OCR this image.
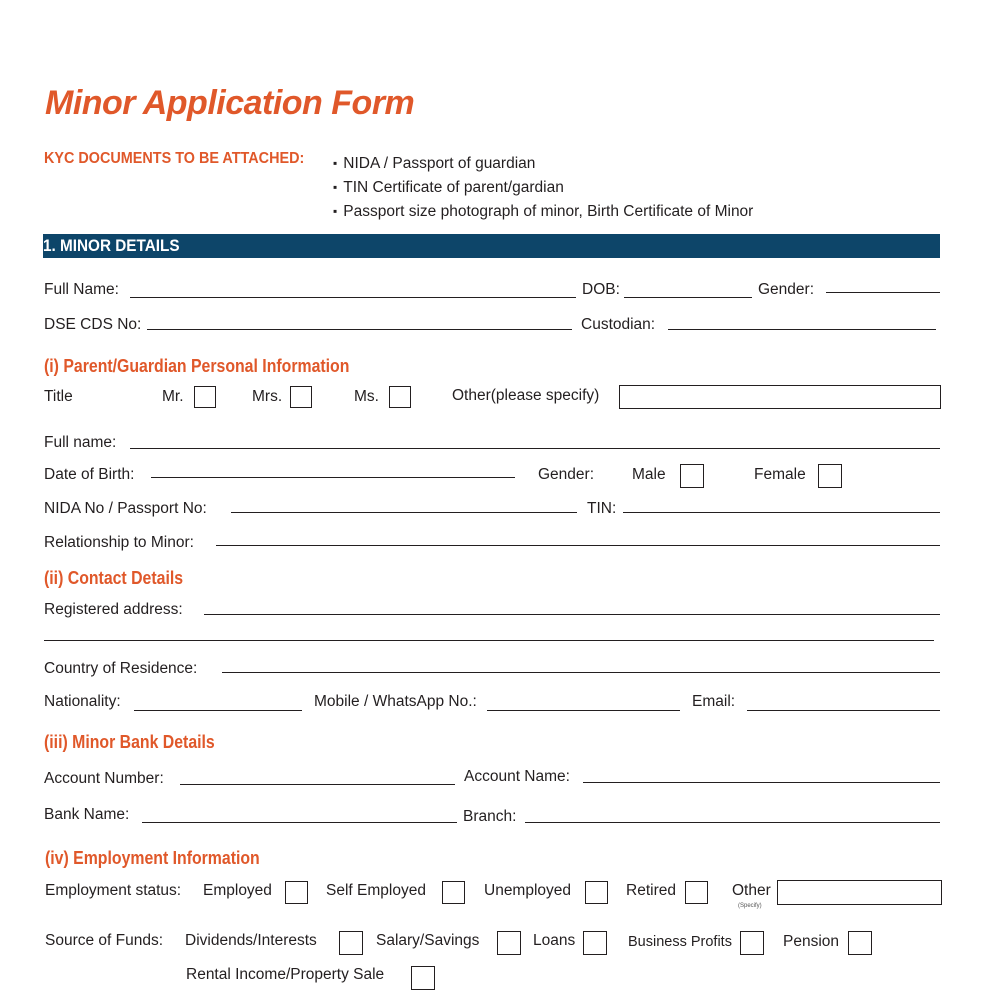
Minor Application Form
KYC DOCUMENTS TO BE ATTACHED:
▪	NIDA / Passport of guardian
▪ TIN Certificate of parent/gardian
▪ Passport size photograph of minor, Birth Certificate of Minor
1. MINOR DETAILS
Full Name:	DOB:	Gender:
DSE CDS No:	Custodian:
(i) Parent/Guardian Personal Information
Title	Mr.	Mrs.	Ms.	Other(please specify)
Full name:
Date of Birth:	Gender: Male	Female
NIDA No / Passport No:	TIN:
Relationship to Minor:
(ii) Contact Details
Registered address:
Country of Residence:
Nationality:	Mobile / WhatsApp No.:	Email:
(iii) Minor Bank Details
Account Number:	Account Name:
Bank Name:	Branch:
(iv) Employment Information
Employment status: Employed	Self Employed	Unemployed	Retired	Other
(Specify)
Source of Funds: Dividends/Interests	Salary/Savings	Loans	Business Profits	Pension
Rental Income/Property Sale
